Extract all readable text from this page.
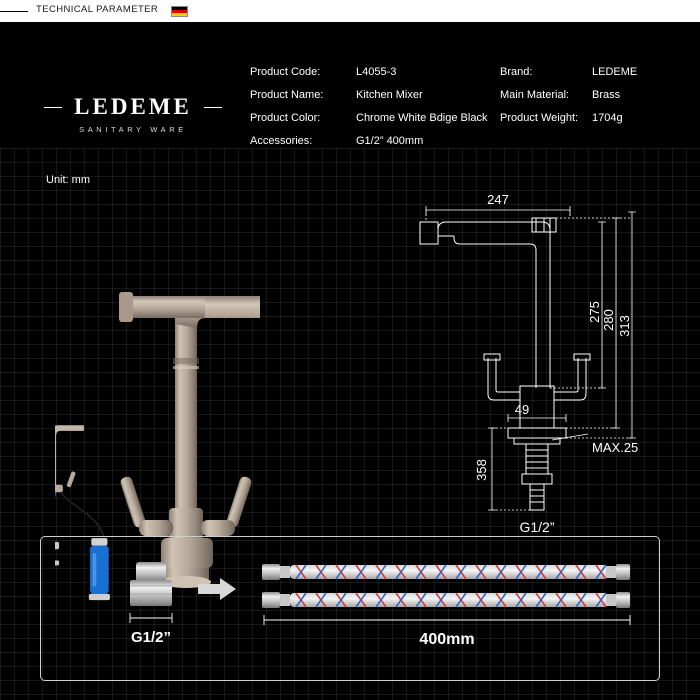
TECHNICAL PARAMETER
LEDEME
SANITARY WARE
Product Code:	L4055-3
Product Name:	Kitchen Mixer
Product Color:	Chrome White Bdige Black
Accessories:	G1/2” 400mm
Brand:	LEDEME
Main Material:	Brass
Product Weight:	1704g
Unit: mm
247
49
MAX.25
G1/2”
275 280 313
358
G1/2”	400mm
